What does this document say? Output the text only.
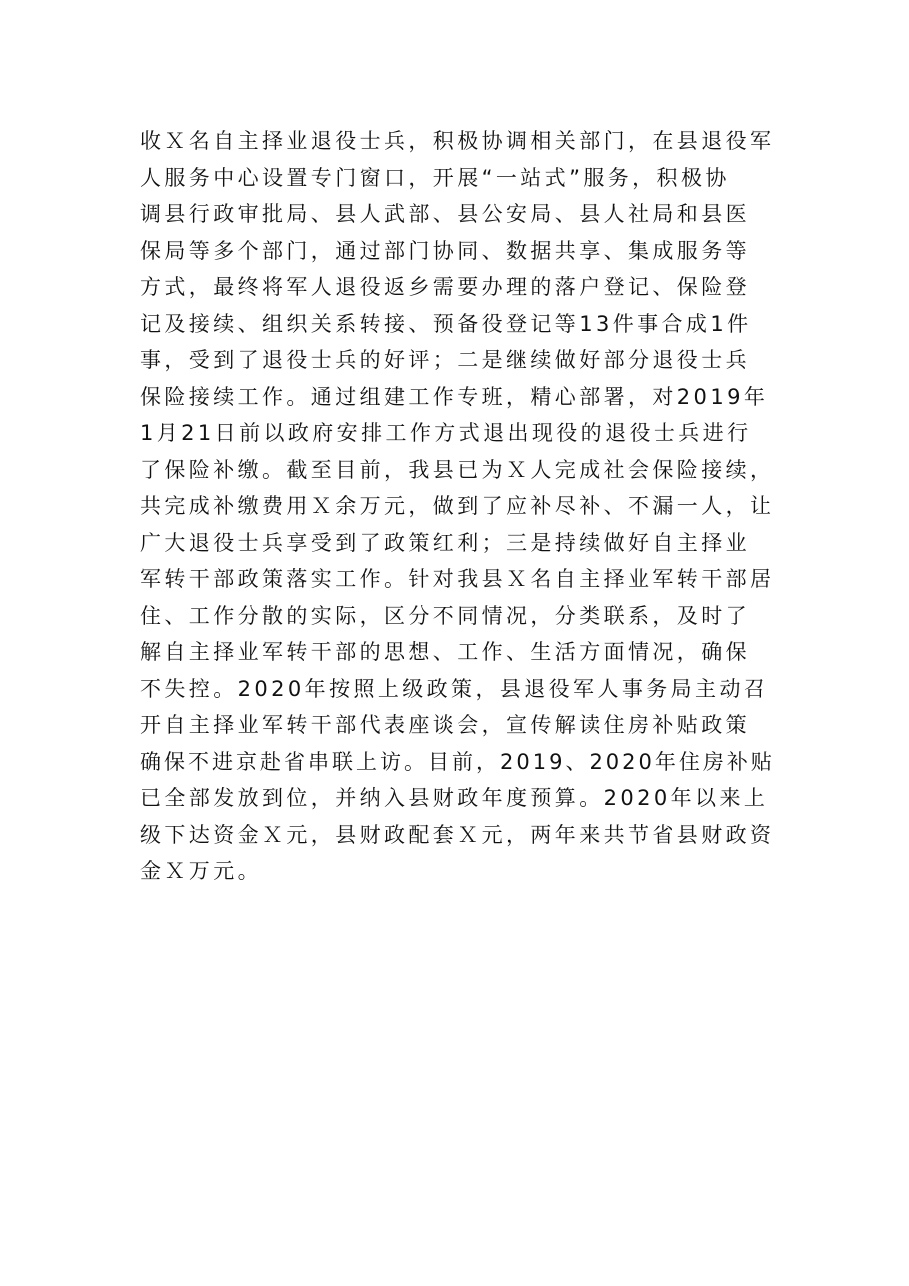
收Ｘ名自主择业退役士兵，积极协调相关部门，在县退役军
人服务中心设置专门窗口，开展“一站式”服务，积极协
调县行政审批局、县人武部、县公安局、县人社局和县医
保局等多个部门，通过部门协同、数据共享、集成服务等
方式，最终将军人退役返乡需要办理的落户登记、保险登
记及接续、组织关系转接、预备役登记等13件事合成1件
事，受到了退役士兵的好评；二是继续做好部分退役士兵
保险接续工作。通过组建工作专班，精心部署，对2019年
1月21日前以政府安排工作方式退出现役的退役士兵进行
了保险补缴。截至目前，我县已为Ｘ人完成社会保险接续，
共完成补缴费用Ｘ余万元，做到了应补尽补、不漏一人，让
广大退役士兵享受到了政策红利；三是持续做好自主择业
军转干部政策落实工作。针对我县Ｘ名自主择业军转干部居
住、工作分散的实际，区分不同情况，分类联系，及时了
解自主择业军转干部的思想、工作、生活方面情况，确保
不失控。2020年按照上级政策，县退役军人事务局主动召
开自主择业军转干部代表座谈会，宣传解读住房补贴政策
确保不进京赴省串联上访。目前，2019、2020年住房补贴
已全部发放到位，并纳入县财政年度预算。2020年以来上
级下达资金Ｘ元，县财政配套Ｘ元，两年来共节省县财政资
金Ｘ万元。
